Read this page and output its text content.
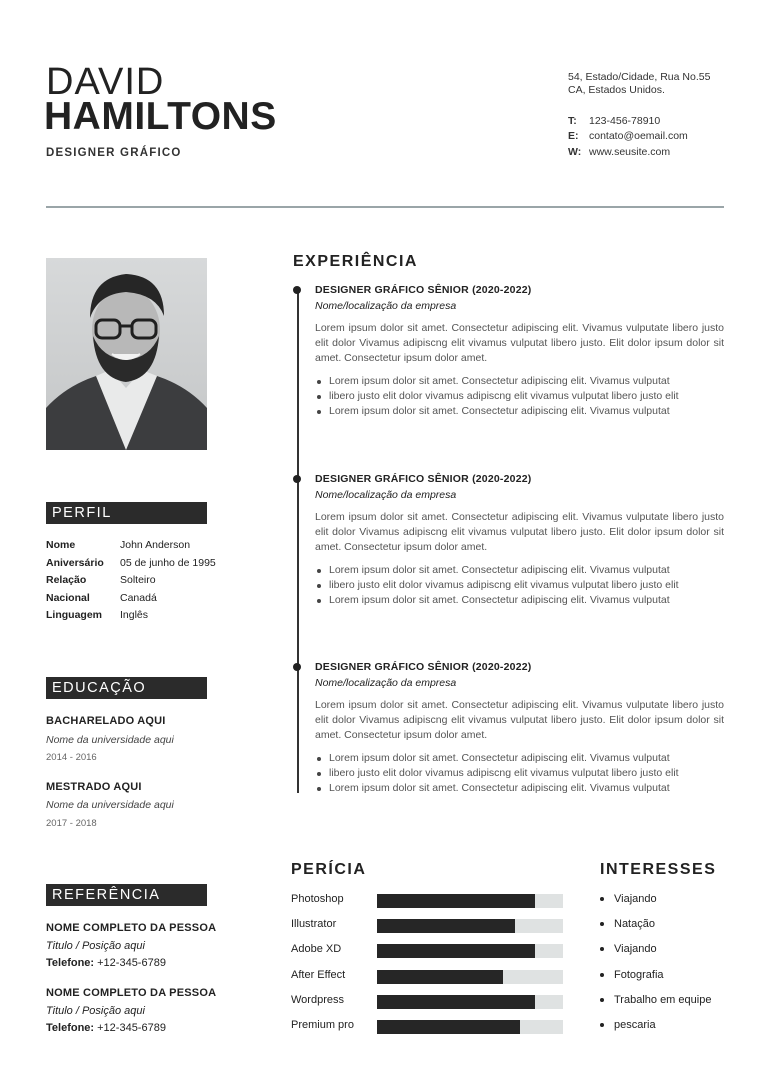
DAVID
HAMILTONS
DESIGNER GRÁFICO
54, Estado/Cidade, Rua No.55
CA, Estados Unidos.
T:	123-456-78910
E:	contato@oemail.com
W: www.seusite.com
PERFIL
Nome	John Anderson
Aniversário	05 de junho de 1995
Relação	Solteiro
Nacional	Canadá
Linguagem	Inglês
EDUCAÇÃO
BACHARELADO AQUI
Nome da universidade aqui
2014 - 2016
MESTRADO AQUI
Nome da universidade aqui
2017 - 2018
REFERÊNCIA
NOME COMPLETO DA PESSOA
Titulo / Posição aqui
Telefone: +12-345-6789
NOME COMPLETO DA PESSOA
Titulo / Posição aqui
Telefone: +12-345-6789
EXPERIÊNCIA
DESIGNER GRÁFICO SÊNIOR (2020-2022)
Nome/localização da empresa
Lorem ipsum dolor sit amet. Consectetur adipiscing elit. Vivamus vulputate libero justo elit dolor Vivamus adipiscng elit vivamus vulputat libero justo. Elit dolor ipsum dolor sit amet. Consectetur ipsum dolor amet.
Lorem ipsum dolor sit amet. Consectetur adipiscing elit. Vivamus vulputat
libero justo elit dolor vivamus adipiscng elit vivamus vulputat libero justo elit
Lorem ipsum dolor sit amet. Consectetur adipiscing elit. Vivamus vulputat
DESIGNER GRÁFICO SÊNIOR (2020-2022)
Nome/localização da empresa
Lorem ipsum dolor sit amet. Consectetur adipiscing elit. Vivamus vulputate libero justo elit dolor Vivamus adipiscng elit vivamus vulputat libero justo. Elit dolor ipsum dolor sit amet. Consectetur ipsum dolor amet.
Lorem ipsum dolor sit amet. Consectetur adipiscing elit. Vivamus vulputat
libero justo elit dolor vivamus adipiscng elit vivamus vulputat libero justo elit
Lorem ipsum dolor sit amet. Consectetur adipiscing elit. Vivamus vulputat
DESIGNER GRÁFICO SÊNIOR (2020-2022)
Nome/localização da empresa
Lorem ipsum dolor sit amet. Consectetur adipiscing elit. Vivamus vulputate libero justo elit dolor Vivamus adipiscng elit vivamus vulputat libero justo. Elit dolor ipsum dolor sit amet. Consectetur ipsum dolor amet.
Lorem ipsum dolor sit amet. Consectetur adipiscing elit. Vivamus vulputat
libero justo elit dolor vivamus adipiscng elit vivamus vulputat libero justo elit
Lorem ipsum dolor sit amet. Consectetur adipiscing elit. Vivamus vulputat
PERÍCIA
Photoshop
Illustrator
Adobe XD
After Effect
Wordpress
Premium pro
INTERESSES
Viajando
Natação
Viajando
Fotografia
Trabalho em equipe
pescaria
